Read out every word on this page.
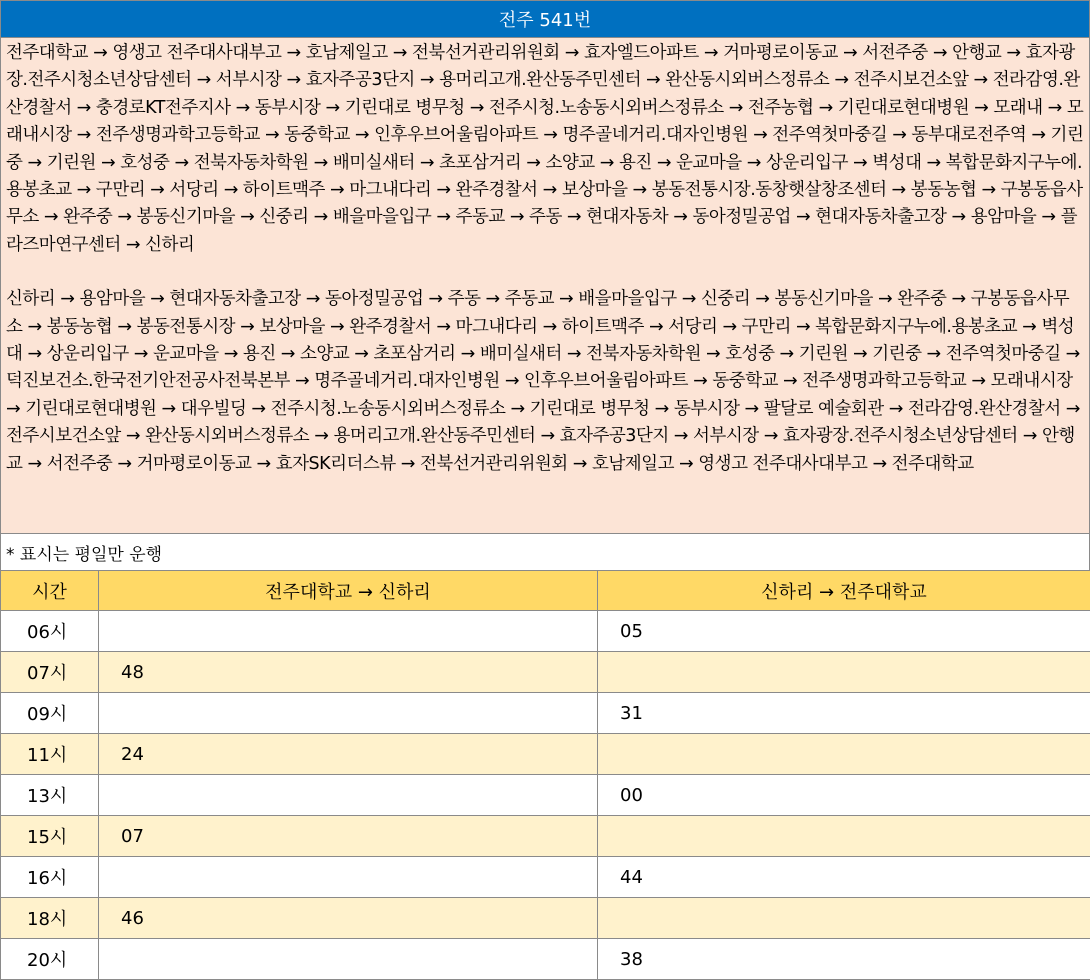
전주 541번

전주대학교 → 영생고 전주대사대부고 → 호남제일고 → 전북선거관리위원회 → 효자엘드아파트 → 거마평로이동교 → 서전주중 → 안행교 → 효자광장.전주시청소년상담센터 → 서부시장 → 효자주공3단지 → 용머리고개.완산동주민센터 → 완산동시외버스정류소 → 전주시보건소앞 → 전라감영.완산경찰서 → 충경로KT전주지사 → 동부시장 → 기린대로 병무청 → 전주시청.노송동시외버스정류소 → 전주농협 → 기린대로현대병원 → 모래내 → 모래내시장 → 전주생명과학고등학교 → 동중학교 → 인후우브어울림아파트 → 명주골네거리.대자인병원 → 전주역첫마중길 → 동부대로전주역 → 기린중 → 기린원 → 호성중 → 전북자동차학원 → 배미실새터 → 초포삼거리 → 소양교 → 용진 → 운교마을 → 상운리입구 → 벽성대 → 복합문화지구누에.용봉초교 → 구만리 → 서당리 → 하이트맥주 → 마그내다리 → 완주경찰서 → 보상마을 → 봉동전통시장.동창햇살창조센터 → 봉동농협 → 구봉동읍사무소 → 완주중 → 봉동신기마을 → 신중리 → 배을마을입구 → 주동교 → 주동 → 현대자동차 → 동아정밀공업 → 현대자동차출고장 → 용암마을 → 플라즈마연구센터 → 신하리

신하리 → 용암마을 → 현대자동차출고장 → 동아정밀공업 → 주동 → 주동교 → 배을마을입구 → 신중리 → 봉동신기마을 → 완주중 → 구봉동읍사무소 → 봉동농협 → 봉동전통시장 → 보상마을 → 완주경찰서 → 마그내다리 → 하이트맥주 → 서당리 → 구만리 → 복합문화지구누에.용봉초교 → 벽성대 → 상운리입구 → 운교마을 → 용진 → 소양교 → 초포삼거리 → 배미실새터 → 전북자동차학원 → 호성중 → 기린원 → 기린중 → 전주역첫마중길 → 덕진보건소.한국전기안전공사전북본부 → 명주골네거리.대자인병원 → 인후우브어울림아파트 → 동중학교 → 전주생명과학고등학교 → 모래내시장 → 기린대로현대병원 → 대우빌딩 → 전주시청.노송동시외버스정류소 → 기린대로 병무청 → 동부시장 → 팔달로 예술회관 → 전라감영.완산경찰서 → 전주시보건소앞 → 완산동시외버스정류소 → 용머리고개.완산동주민센터 → 효자주공3단지 → 서부시장 → 효자광장.전주시청소년상담센터 → 안행교 → 서전주중 → 거마평로이동교 → 효자SK리더스뷰 → 전북선거관리위원회 → 호남제일고 → 영생고 전주대사대부고 → 전주대학교

* 표시는 평일만 운행
시간	전주대학교 → 신하리	신하리 → 전주대학교
06시		05
07시	48	
09시		31
11시	24	
13시		00
15시	07	
16시		44
18시	46	
20시		38
